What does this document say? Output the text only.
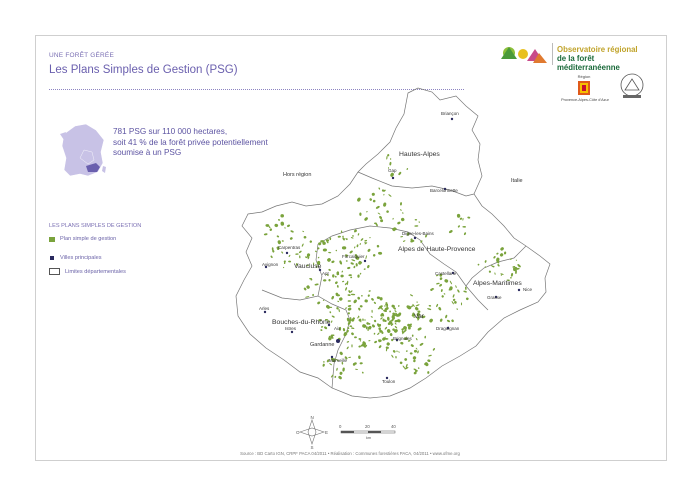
UNE FORÊT GÉRÉE
Les Plans Simples de Gestion (PSG)
781 PSG sur 110 000 hectares,
soit 41 % de la forêt privée potentiellement
soumise à un PSG
LES PLANS SIMPLES DE GESTION
Plan simple de gestion
Villes principales
Limites départementales
Observatoire régional
de la forêt méditerranéenne
Région
Provence-Alpes-Côte d'Azur
Hautes-Alpes
Alpes de Haute-Provence
Vaucluse
Alpes-Maritimes
Bouches-du-Rhône
Var
Hors région
Italie
Briançon
Gap
Barcelonnette
Digne-les-Bains
Forcalquier
Castellane
Carpentras
Avignon
Apt
Grasse
Nice
Arles
Aix
Istres
Gardanne
Brignoles
Draguignan
Marseille
Toulon
N
O	E
S
0	20	40
km
Source : BD Carto IGN, CRPF PACA 04/2011 • Réalisation : Communes forestières PACA, 04/2011 • www.ofme.org
